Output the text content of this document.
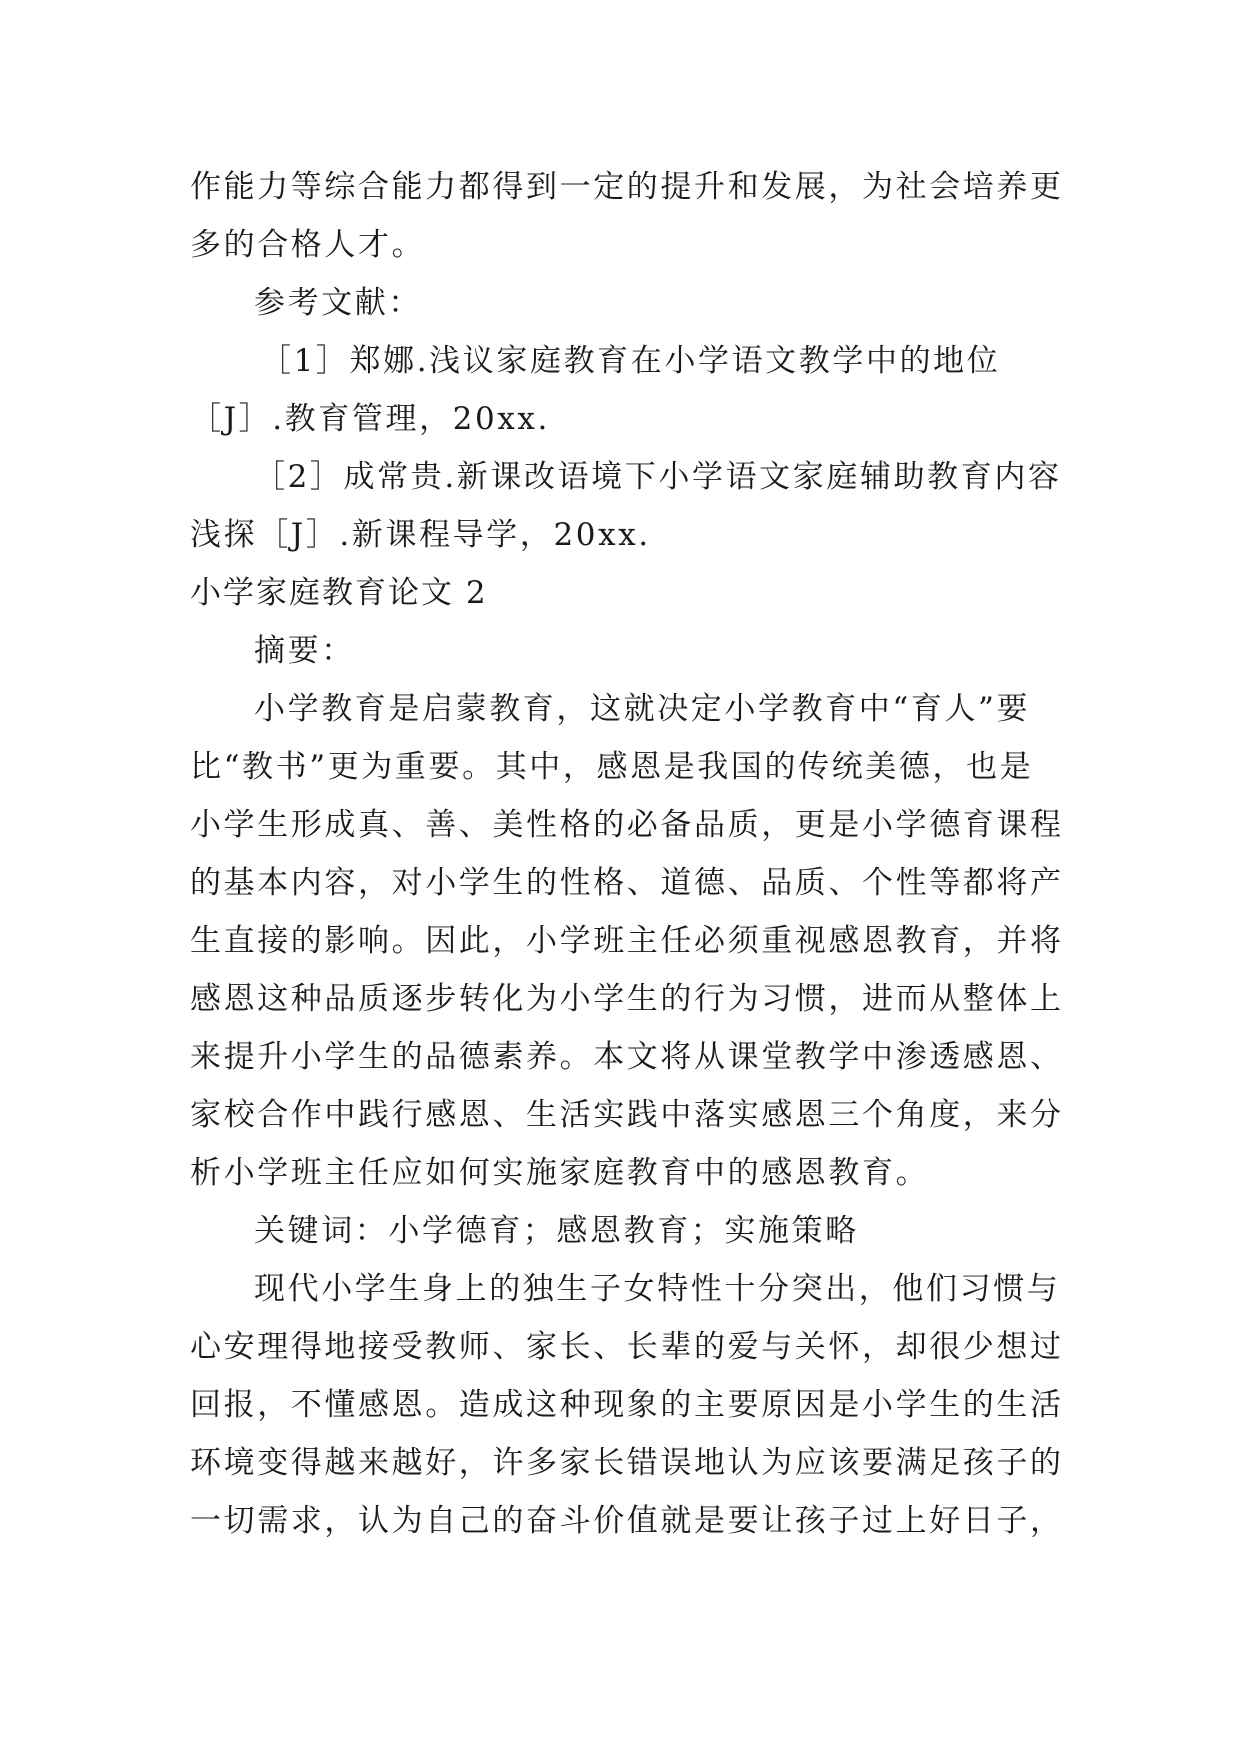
作能力等综合能力都得到一定的提升和发展，为社会培养更
多的合格人才。
参考文献：
［1］郑娜.浅议家庭教育在小学语文教学中的地位
［J］.教育管理，20xx.
［2］成常贵.新课改语境下小学语文家庭辅助教育内容
浅探［J］.新课程导学，20xx.
小学家庭教育论文 2
摘要：
小学教育是启蒙教育，这就决定小学教育中“育人”要
比“教书”更为重要。其中，感恩是我国的传统美德，也是
小学生形成真、善、美性格的必备品质，更是小学德育课程
的基本内容，对小学生的性格、道德、品质、个性等都将产
生直接的影响。因此，小学班主任必须重视感恩教育，并将
感恩这种品质逐步转化为小学生的行为习惯，进而从整体上
来提升小学生的品德素养。本文将从课堂教学中渗透感恩、
家校合作中践行感恩、生活实践中落实感恩三个角度，来分
析小学班主任应如何实施家庭教育中的感恩教育。
关键词：小学德育；感恩教育；实施策略
现代小学生身上的独生子女特性十分突出，他们习惯与
心安理得地接受教师、家长、长辈的爱与关怀，却很少想过
回报，不懂感恩。造成这种现象的主要原因是小学生的生活
环境变得越来越好，许多家长错误地认为应该要满足孩子的
一切需求，认为自己的奋斗价值就是要让孩子过上好日子，
